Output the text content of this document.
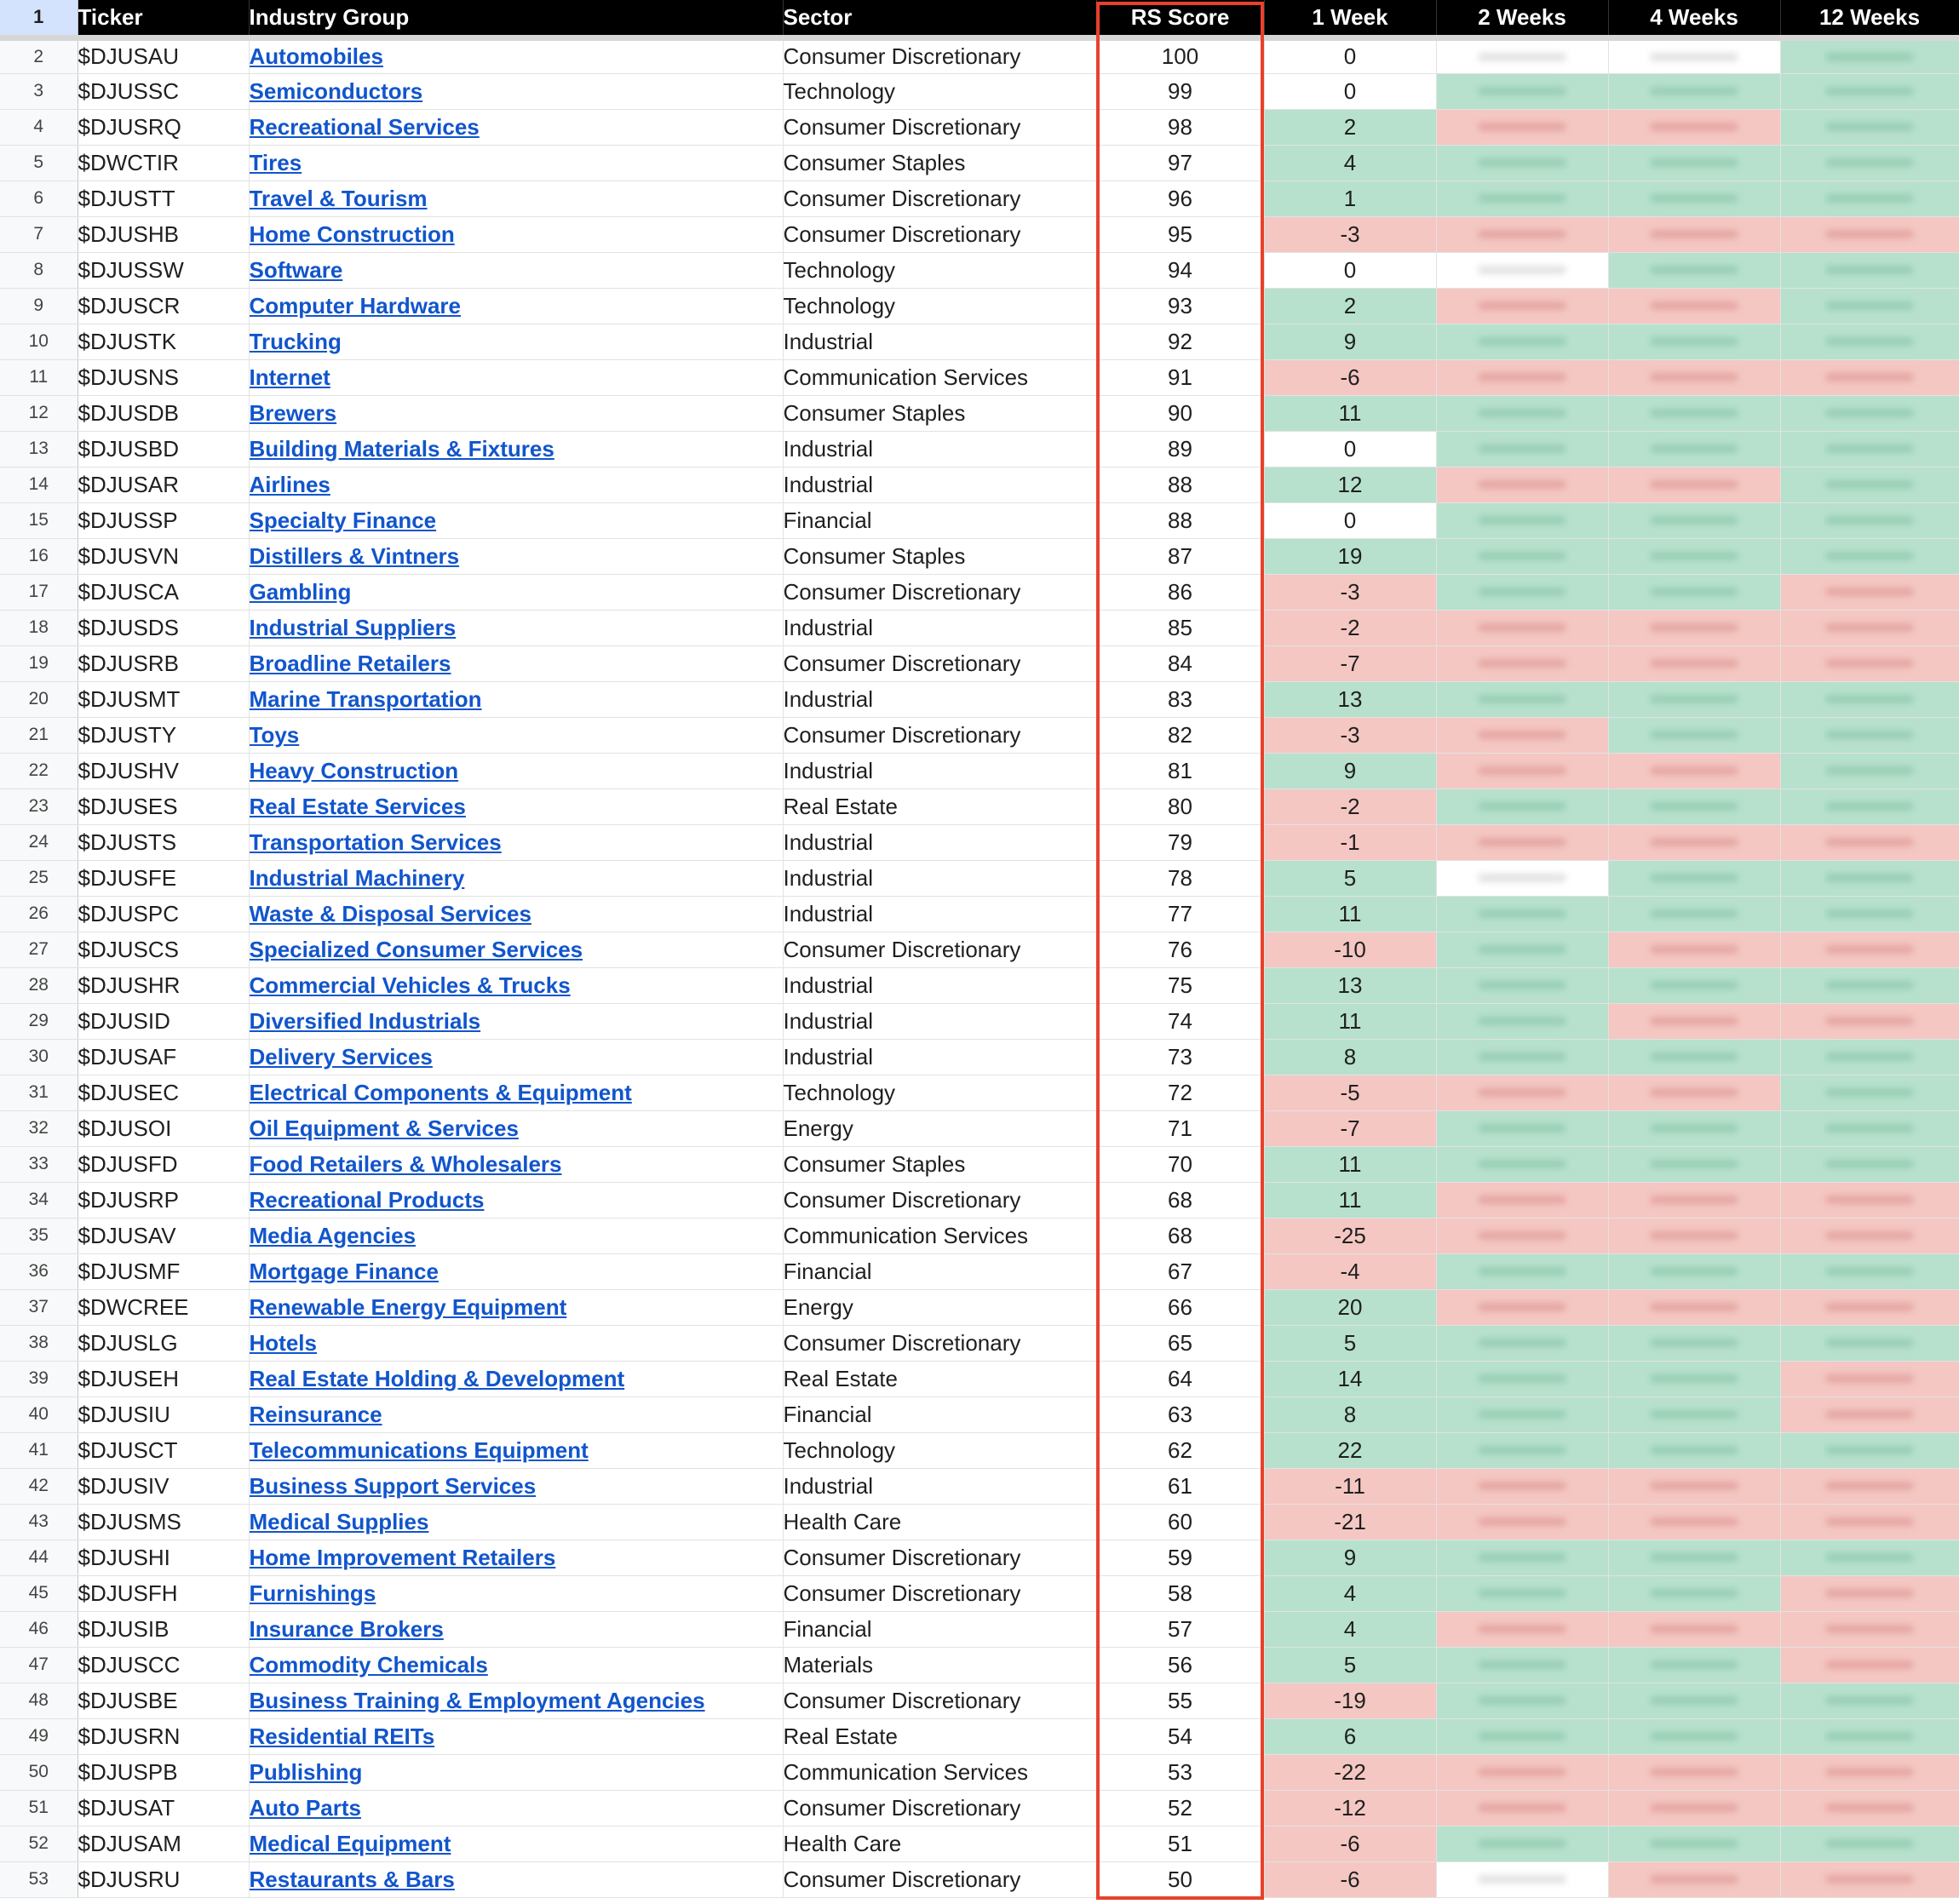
1	Ticker	Industry Group	Sector	RS Score	1 Week	2 Weeks	4 Weeks	12 Weeks
2	$DJUSAU	Automobiles	Consumer Discretionary	100	0	

3	$DJUSSC	Semiconductors	Technology	99	0	

4	$DJUSRQ	Recreational Services	Consumer Discretionary	98	2	

5	$DWCTIR	Tires	Consumer Staples	97	4	

6	$DJUSTT	Travel & Tourism	Consumer Discretionary	96	1	

7	$DJUSHB	Home Construction	Consumer Discretionary	95	-3	

8	$DJUSSW	Software	Technology	94	0	

9	$DJUSCR	Computer Hardware	Technology	93	2	

10	$DJUSTK	Trucking	Industrial	92	9	

11	$DJUSNS	Internet	Communication Services	91	-6	

12	$DJUSDB	Brewers	Consumer Staples	90	11	

13	$DJUSBD	Building Materials & Fixtures	Industrial	89	0	

14	$DJUSAR	Airlines	Industrial	88	12	

15	$DJUSSP	Specialty Finance	Financial	88	0	

16	$DJUSVN	Distillers & Vintners	Consumer Staples	87	19	

17	$DJUSCA	Gambling	Consumer Discretionary	86	-3	

18	$DJUSDS	Industrial Suppliers	Industrial	85	-2	

19	$DJUSRB	Broadline Retailers	Consumer Discretionary	84	-7	

20	$DJUSMT	Marine Transportation	Industrial	83	13	

21	$DJUSTY	Toys	Consumer Discretionary	82	-3	

22	$DJUSHV	Heavy Construction	Industrial	81	9	

23	$DJUSES	Real Estate Services	Real Estate	80	-2	

24	$DJUSTS	Transportation Services	Industrial	79	-1	

25	$DJUSFE	Industrial Machinery	Industrial	78	5	

26	$DJUSPC	Waste & Disposal Services	Industrial	77	11	

27	$DJUSCS	Specialized Consumer Services	Consumer Discretionary	76	-10	

28	$DJUSHR	Commercial Vehicles & Trucks	Industrial	75	13	

29	$DJUSID	Diversified Industrials	Industrial	74	11	

30	$DJUSAF	Delivery Services	Industrial	73	8	

31	$DJUSEC	Electrical Components & Equipment	Technology	72	-5	

32	$DJUSOI	Oil Equipment & Services	Energy	71	-7	

33	$DJUSFD	Food Retailers & Wholesalers	Consumer Staples	70	11	

34	$DJUSRP	Recreational Products	Consumer Discretionary	68	11	

35	$DJUSAV	Media Agencies	Communication Services	68	-25	

36	$DJUSMF	Mortgage Finance	Financial	67	-4	

37	$DWCREE	Renewable Energy Equipment	Energy	66	20	

38	$DJUSLG	Hotels	Consumer Discretionary	65	5	

39	$DJUSEH	Real Estate Holding & Development	Real Estate	64	14	

40	$DJUSIU	Reinsurance	Financial	63	8	

41	$DJUSCT	Telecommunications Equipment	Technology	62	22	

42	$DJUSIV	Business Support Services	Industrial	61	-11	

43	$DJUSMS	Medical Supplies	Health Care	60	-21	

44	$DJUSHI	Home Improvement Retailers	Consumer Discretionary	59	9	

45	$DJUSFH	Furnishings	Consumer Discretionary	58	4	

46	$DJUSIB	Insurance Brokers	Financial	57	4	

47	$DJUSCC	Commodity Chemicals	Materials	56	5	

48	$DJUSBE	Business Training & Employment Agencies	Consumer Discretionary	55	-19	

49	$DJUSRN	Residential REITs	Real Estate	54	6	

50	$DJUSPB	Publishing	Communication Services	53	-22	

51	$DJUSAT	Auto Parts	Consumer Discretionary	52	-12	

52	$DJUSAM	Medical Equipment	Health Care	51	-6	

53	$DJUSRU	Restaurants & Bars	Consumer Discretionary	50	-6	
